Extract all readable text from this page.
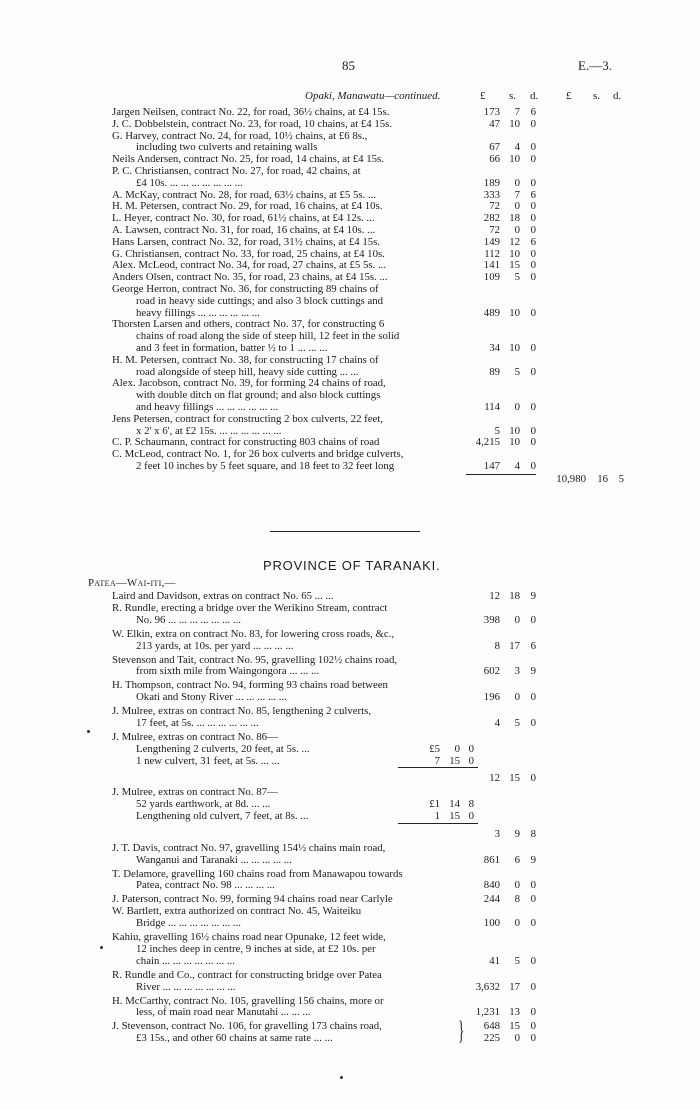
85	E.—3.
Opaki, Manawatu—continued.	£ s. d.	£ s. d.
Jargen Neilsen, contract No. 22, for road, 36½ chains, at £4 15s.	173	7 6
J. C. Dobbelstein, contract No. 23, for road, 10 chains, at £4 15s.	47 10 0
G. Harvey, contract No. 24, for road, 10½ chains, at £6 8s.,
including two culverts and retaining walls	67	4 0
Neils Andersen, contract No. 25, for road, 14 chains, at £4 15s.	66 10 0
P. C. Christiansen, contract No. 27, for road, 42 chains, at
£4 10s. ... ... ... ... ... ... ...	189	0 0
A. McKay, contract No. 28, for road, 63½ chains, at £5 5s. ...	333	7 6
H. M. Petersen, contract No. 29, for road, 16 chains, at £4 10s.	72	0 0
L. Heyer, contract No. 30, for road, 61½ chains, at £4 12s. ...	282 18 0
A. Lawsen, contract No. 31, for road, 16 chains, at £4 10s. ...	72	0 0
Hans Larsen, contract No. 32, for road, 31½ chains, at £4 15s.	149 12 6
G. Christiansen, contract No. 33, for road, 25 chains, at £4 10s.	112 10 0
Alex. McLeod, contract No. 34, for road, 27 chains, at £5 5s. ...	141 15 0
Anders Olsen, contract No. 35, for road, 23 chains, at £4 15s. ...	109	5 0
George Herron, contract No. 36, for constructing 89 chains of
road in heavy side cuttings; and also 3 block cuttings and
heavy fillings ... ... ... ... ... ...	489 10 0
Thorsten Larsen and others, contract No. 37, for constructing 6
chains of road along the side of steep hill, 12 feet in the solid
and 3 feet in formation, batter ½ to 1 ... ... ...	34 10 0
H. M. Petersen, contract No. 38, for constructing 17 chains of
road alongside of steep hill, heavy side cutting ... ...	89	5 0
Alex. Jacobson, contract No. 39, for forming 24 chains of road,
with double ditch on flat ground; and also block cuttings
and heavy fillings ... ... ... ... ... ...	114	0 0
Jens Petersen, contract for constructing 2 box culverts, 22 feet,
x 2' x 6', at £2 15s. ... ... ... ... ... ...	5 10 0
C. P. Schaumann, contract for constructing 803 chains of road	4,215 10 0
C. McLeod, contract No. 1, for 26 box culverts and bridge culverts,
2 feet 10 inches by 5 feet square, and 18 feet to 32 feet long	147	4 0
10,980	16 5
PROVINCE OF TARANAKI.
Patea—Wai-iti,—
Laird and Davidson, extras on contract No. 65 ... ...	12 18 9
R. Rundle, erecting a bridge over the Werikino Stream, contract
No. 96 ... ... ... ... ... ... ...	398	0 0
W. Elkin, extra on contract No. 83, for lowering cross roads, &c.,
213 yards, at 10s. per yard ... ... ... ...	8 17 6
Stevenson and Tait, contract No. 95, gravelling 102½ chains road,
from sixth mile from Waingongora ... ... ...	602	3 9
H. Thompson, contract No. 94, forming 93 chains road between
Okati and Stony River ... ... ... ... ...	196	0 0
J. Mulree, extras on contract No. 85, lengthening 2 culverts,
17 feet, at 5s. ... ... ... ... ... ...	4	5 0
J. Mulree, extras on contract No. 86—
Lengthening 2 culverts, 20 feet, at 5s. ...	£5	0 0
1 new culvert, 31 feet, at 5s. ... ...	7 15 0
12 15 0
J. Mulree, extras on contract No. 87—
52 yards earthwork, at 8d. ... ...	£1 14 8
Lengthening old culvert, 7 feet, at 8s. ...	1 15 0
3	9 8
J. T. Davis, contract No. 97, gravelling 154½ chains main road,
Wanganui and Taranaki ... ... ... ... ...	861	6 9
T. Delamore, gravelling 160 chains road from Manawapou towards
Patea, contract No. 98 ... ... ... ...	840	0 0
J. Paterson, contract No. 99, forming 94 chains road near Carlyle	244	8 0
W. Bartlett, extra authorized on contract No. 45, Waiteiku
Bridge ... ... ... ... ... ... ...	100	0 0
Kahiu, gravelling 16½ chains road near Opunake, 12 feet wide,
12 inches deep in centre, 9 inches at side, at £2 10s. per
chain ... ... ... ... ... ... ...	41	5 0
R. Rundle and Co., contract for constructing bridge over Patea
River ... ... ... ... ... ... ...	3,632 17 0
H. McCarthy, contract No. 105, gravelling 156 chains, more or
less, of main road near Manutahi ... ... ...	1,231 13 0
J. Stevenson, contract No. 106, for gravelling 173 chains road,	648 15 0
}
£3 15s., and other 60 chains at same rate ... ...	225	0 0
